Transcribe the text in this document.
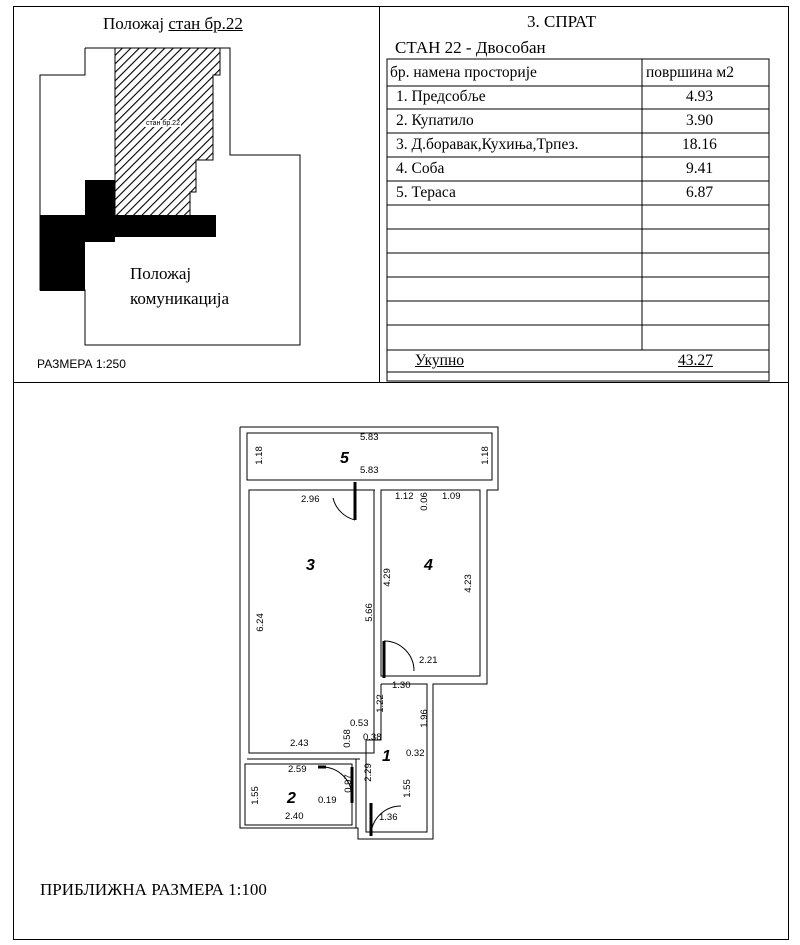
Положај стан бр.22
стан бр.22
Положај
комуникација
РАЗМЕРА 1:250
3. СПРАТ
СТАН 22 - Двособан
бр. намена просторије	површина м2
1. Предсобље	4.93
2. Купатило	3.90
3. Д.боравак,Кухиња,Трпез.	18.16
4. Соба	9.41
5. Тераса	6.87
Укупно	43.27
5
3	4
1
2
5.83
5.83
1.18	1.18
2.96
6.24
5.66
2.43
1.12 0.06 1.09
4.29	4.23
2.21
1.30
1.22
1.96
0.53
0.38
0.58
0.32
2.29
1.55
1.36
2.59
1.55
2.40
0.19
0.97
ПРИБЛИЖНА РАЗМЕРА 1:100
